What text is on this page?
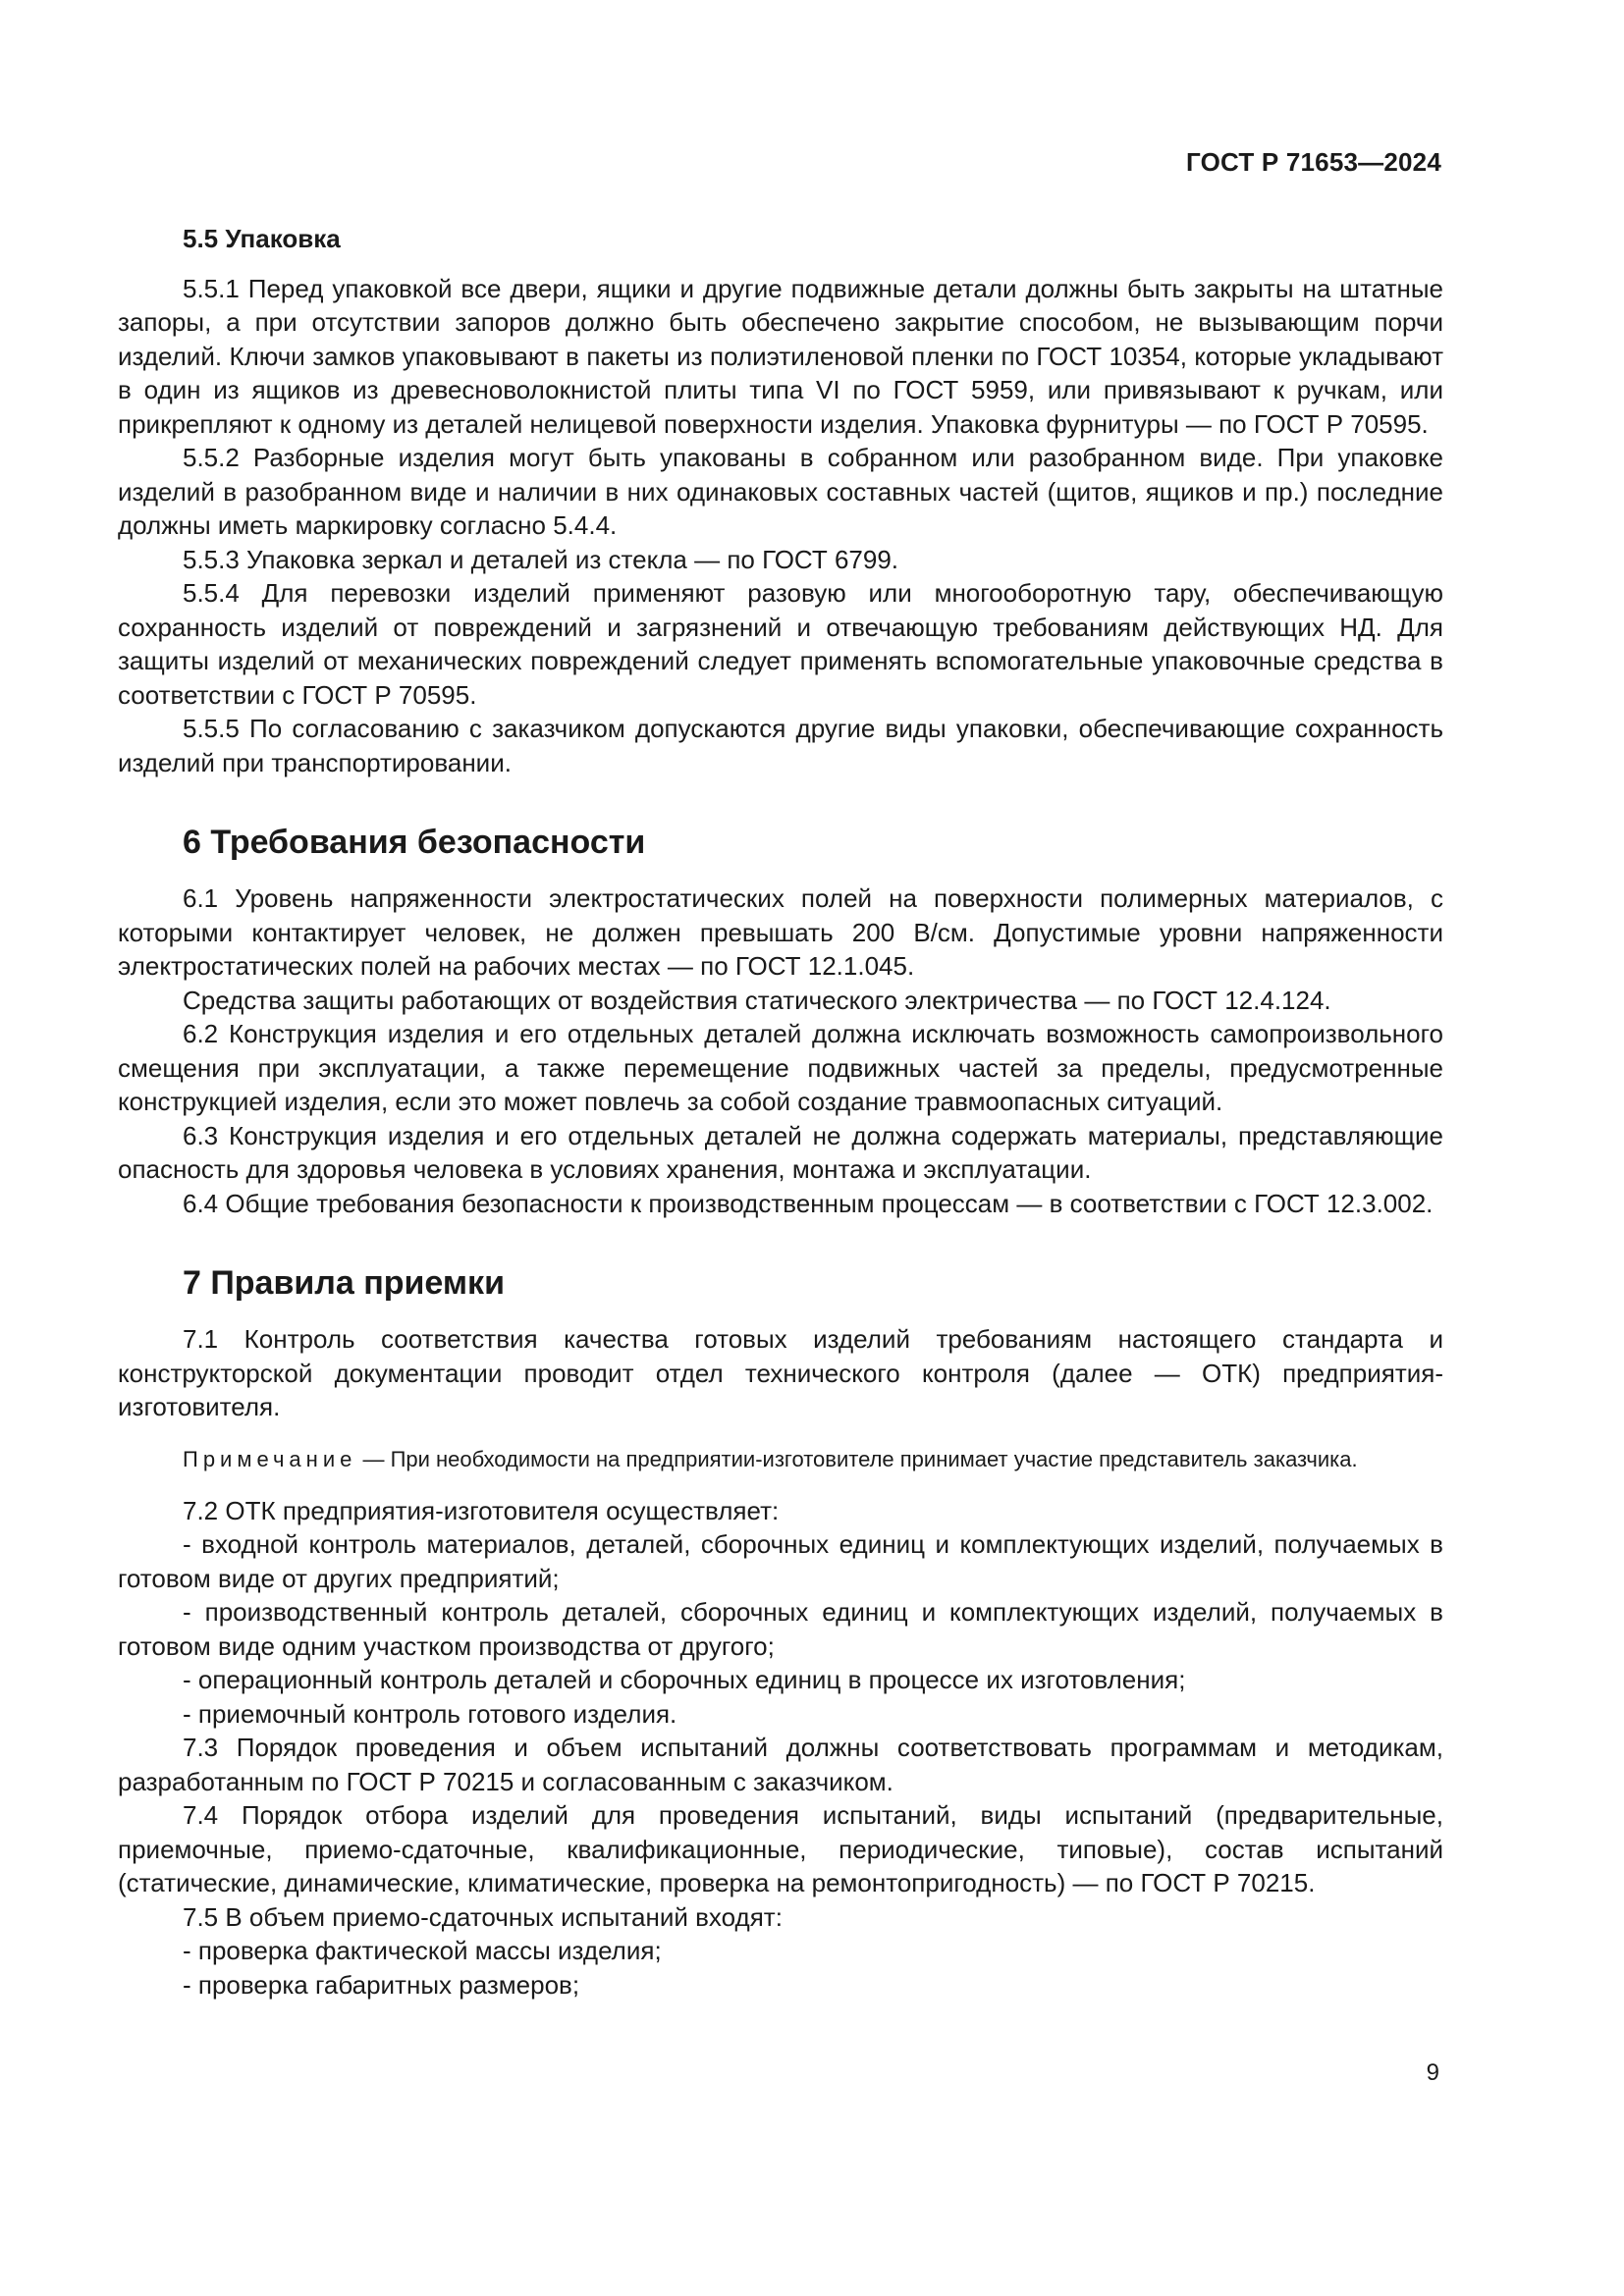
ГОСТ Р 71653—2024
5.5 Упаковка

5.5.1 Перед упаковкой все двери, ящики и другие подвижные детали должны быть закрыты на штатные запоры, а при отсутствии запоров должно быть обеспечено закрытие способом, не вызывающим порчи изделий. Ключи замков упаковывают в пакеты из полиэтиленовой пленки по ГОСТ 10354, которые укладывают в один из ящиков из древесноволокнистой плиты типа VI по ГОСТ 5959, или привязывают к ручкам, или прикрепляют к одному из деталей нелицевой поверхности изделия. Упаковка фурнитуры — по ГОСТ Р 70595.

5.5.2 Разборные изделия могут быть упакованы в собранном или разобранном виде. При упаковке изделий в разобранном виде и наличии в них одинаковых составных частей (щитов, ящиков и пр.) последние должны иметь маркировку согласно 5.4.4.

5.5.3 Упаковка зеркал и деталей из стекла — по ГОСТ 6799.

5.5.4 Для перевозки изделий применяют разовую или многооборотную тару, обеспечивающую сохранность изделий от повреждений и загрязнений и отвечающую требованиям действующих НД. Для защиты изделий от механических повреждений следует применять вспомогательные упаковочные средства в соответствии с ГОСТ Р 70595.

5.5.5 По согласованию с заказчиком допускаются другие виды упаковки, обеспечивающие сохранность изделий при транспортировании.

6 Требования безопасности

6.1 Уровень напряженности электростатических полей на поверхности полимерных материалов, с которыми контактирует человек, не должен превышать 200 В/см. Допустимые уровни напряженности электростатических полей на рабочих местах — по ГОСТ 12.1.045.

Средства защиты работающих от воздействия статического электричества — по ГОСТ 12.4.124.

6.2 Конструкция изделия и его отдельных деталей должна исключать возможность самопроизвольного смещения при эксплуатации, а также перемещение подвижных частей за пределы, предусмотренные конструкцией изделия, если это может повлечь за собой создание травмоопасных ситуаций.

6.3 Конструкция изделия и его отдельных деталей не должна содержать материалы, представляющие опасность для здоровья человека в условиях хранения, монтажа и эксплуатации.

6.4 Общие требования безопасности к производственным процессам — в соответствии с ГОСТ 12.3.002.

7 Правила приемки

7.1 Контроль соответствия качества готовых изделий требованиям настоящего стандарта и конструкторской документации проводит отдел технического контроля (далее — ОТК) предприятия-изготовителя.

Примечание — При необходимости на предприятии-изготовителе принимает участие представитель заказчика.

7.2 ОТК предприятия-изготовителя осуществляет:

- входной контроль материалов, деталей, сборочных единиц и комплектующих изделий, получаемых в готовом виде от других предприятий;

- производственный контроль деталей, сборочных единиц и комплектующих изделий, получаемых в готовом виде одним участком производства от другого;

- операционный контроль деталей и сборочных единиц в процессе их изготовления;

- приемочный контроль готового изделия.

7.3 Порядок проведения и объем испытаний должны соответствовать программам и методикам, разработанным по ГОСТ Р 70215 и согласованным с заказчиком.

7.4 Порядок отбора изделий для проведения испытаний, виды испытаний (предварительные, приемочные, приемо-сдаточные, квалификационные, периодические, типовые), состав испытаний (статические, динамические, климатические, проверка на ремонтопригодность) — по ГОСТ Р 70215.

7.5 В объем приемо-сдаточных испытаний входят:

- проверка фактической массы изделия;

- проверка габаритных размеров;

9
